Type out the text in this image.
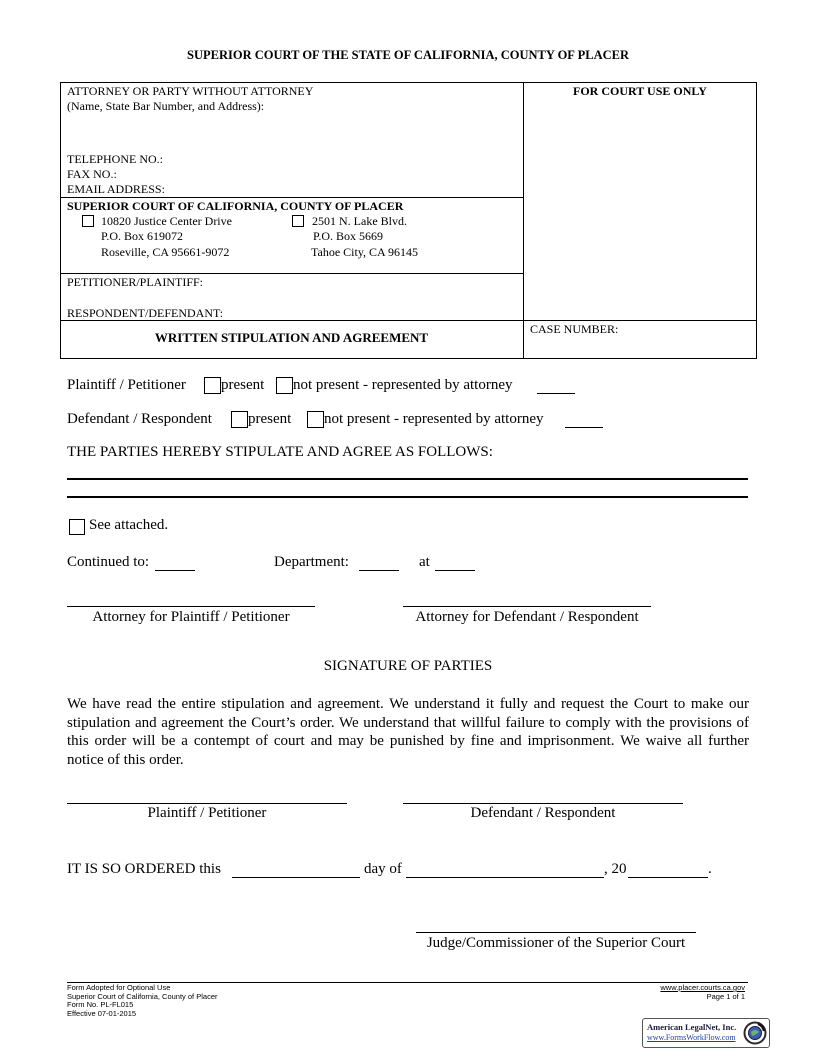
SUPERIOR COURT OF THE STATE OF CALIFORNIA, COUNTY OF PLACER
ATTORNEY OR PARTY WITHOUT ATTORNEY
(Name, State Bar Number, and Address):
TELEPHONE NO.:
FAX NO.:
EMAIL ADDRESS:
FOR COURT USE ONLY
SUPERIOR COURT OF CALIFORNIA, COUNTY OF PLACER
10820 Justice Center Drive
P.O. Box 619072
Roseville, CA 95661-9072
2501 N. Lake Blvd.
P.O. Box 5669
Tahoe City, CA 96145
PETITIONER/PLAINTIFF:
RESPONDENT/DEFENDANT:
WRITTEN STIPULATION AND AGREEMENT
CASE NUMBER:
Plaintiff / Petitioner present not present - represented by attorney
Defendant / Respondent present not present - represented by attorney
THE PARTIES HEREBY STIPULATE AND AGREE AS FOLLOWS:
See attached.
Continued to:	Department:	at
Attorney for Plaintiff / Petitioner	Attorney for Defendant / Respondent
SIGNATURE OF PARTIES
We have read the entire stipulation and agreement. We understand it fully and request the Court to make our stipulation and agreement the Court’s order. We understand that willful failure to comply with the provisions of this order will be a contempt of court and may be punished by fine and imprisonment. We waive all further notice of this order.
Plaintiff / Petitioner	Defendant / Respondent
IT IS SO ORDERED this	day of	, 20	.
Judge/Commissioner of the Superior Court
Form Adopted for Optional Use
Superior Court of California, County of Placer
Form No. PL-FL015
Effective 07-01-2015
www.placer.courts.ca.gov
Page 1 of 1
American LegalNet, Inc.
www.FormsWorkFlow.com
